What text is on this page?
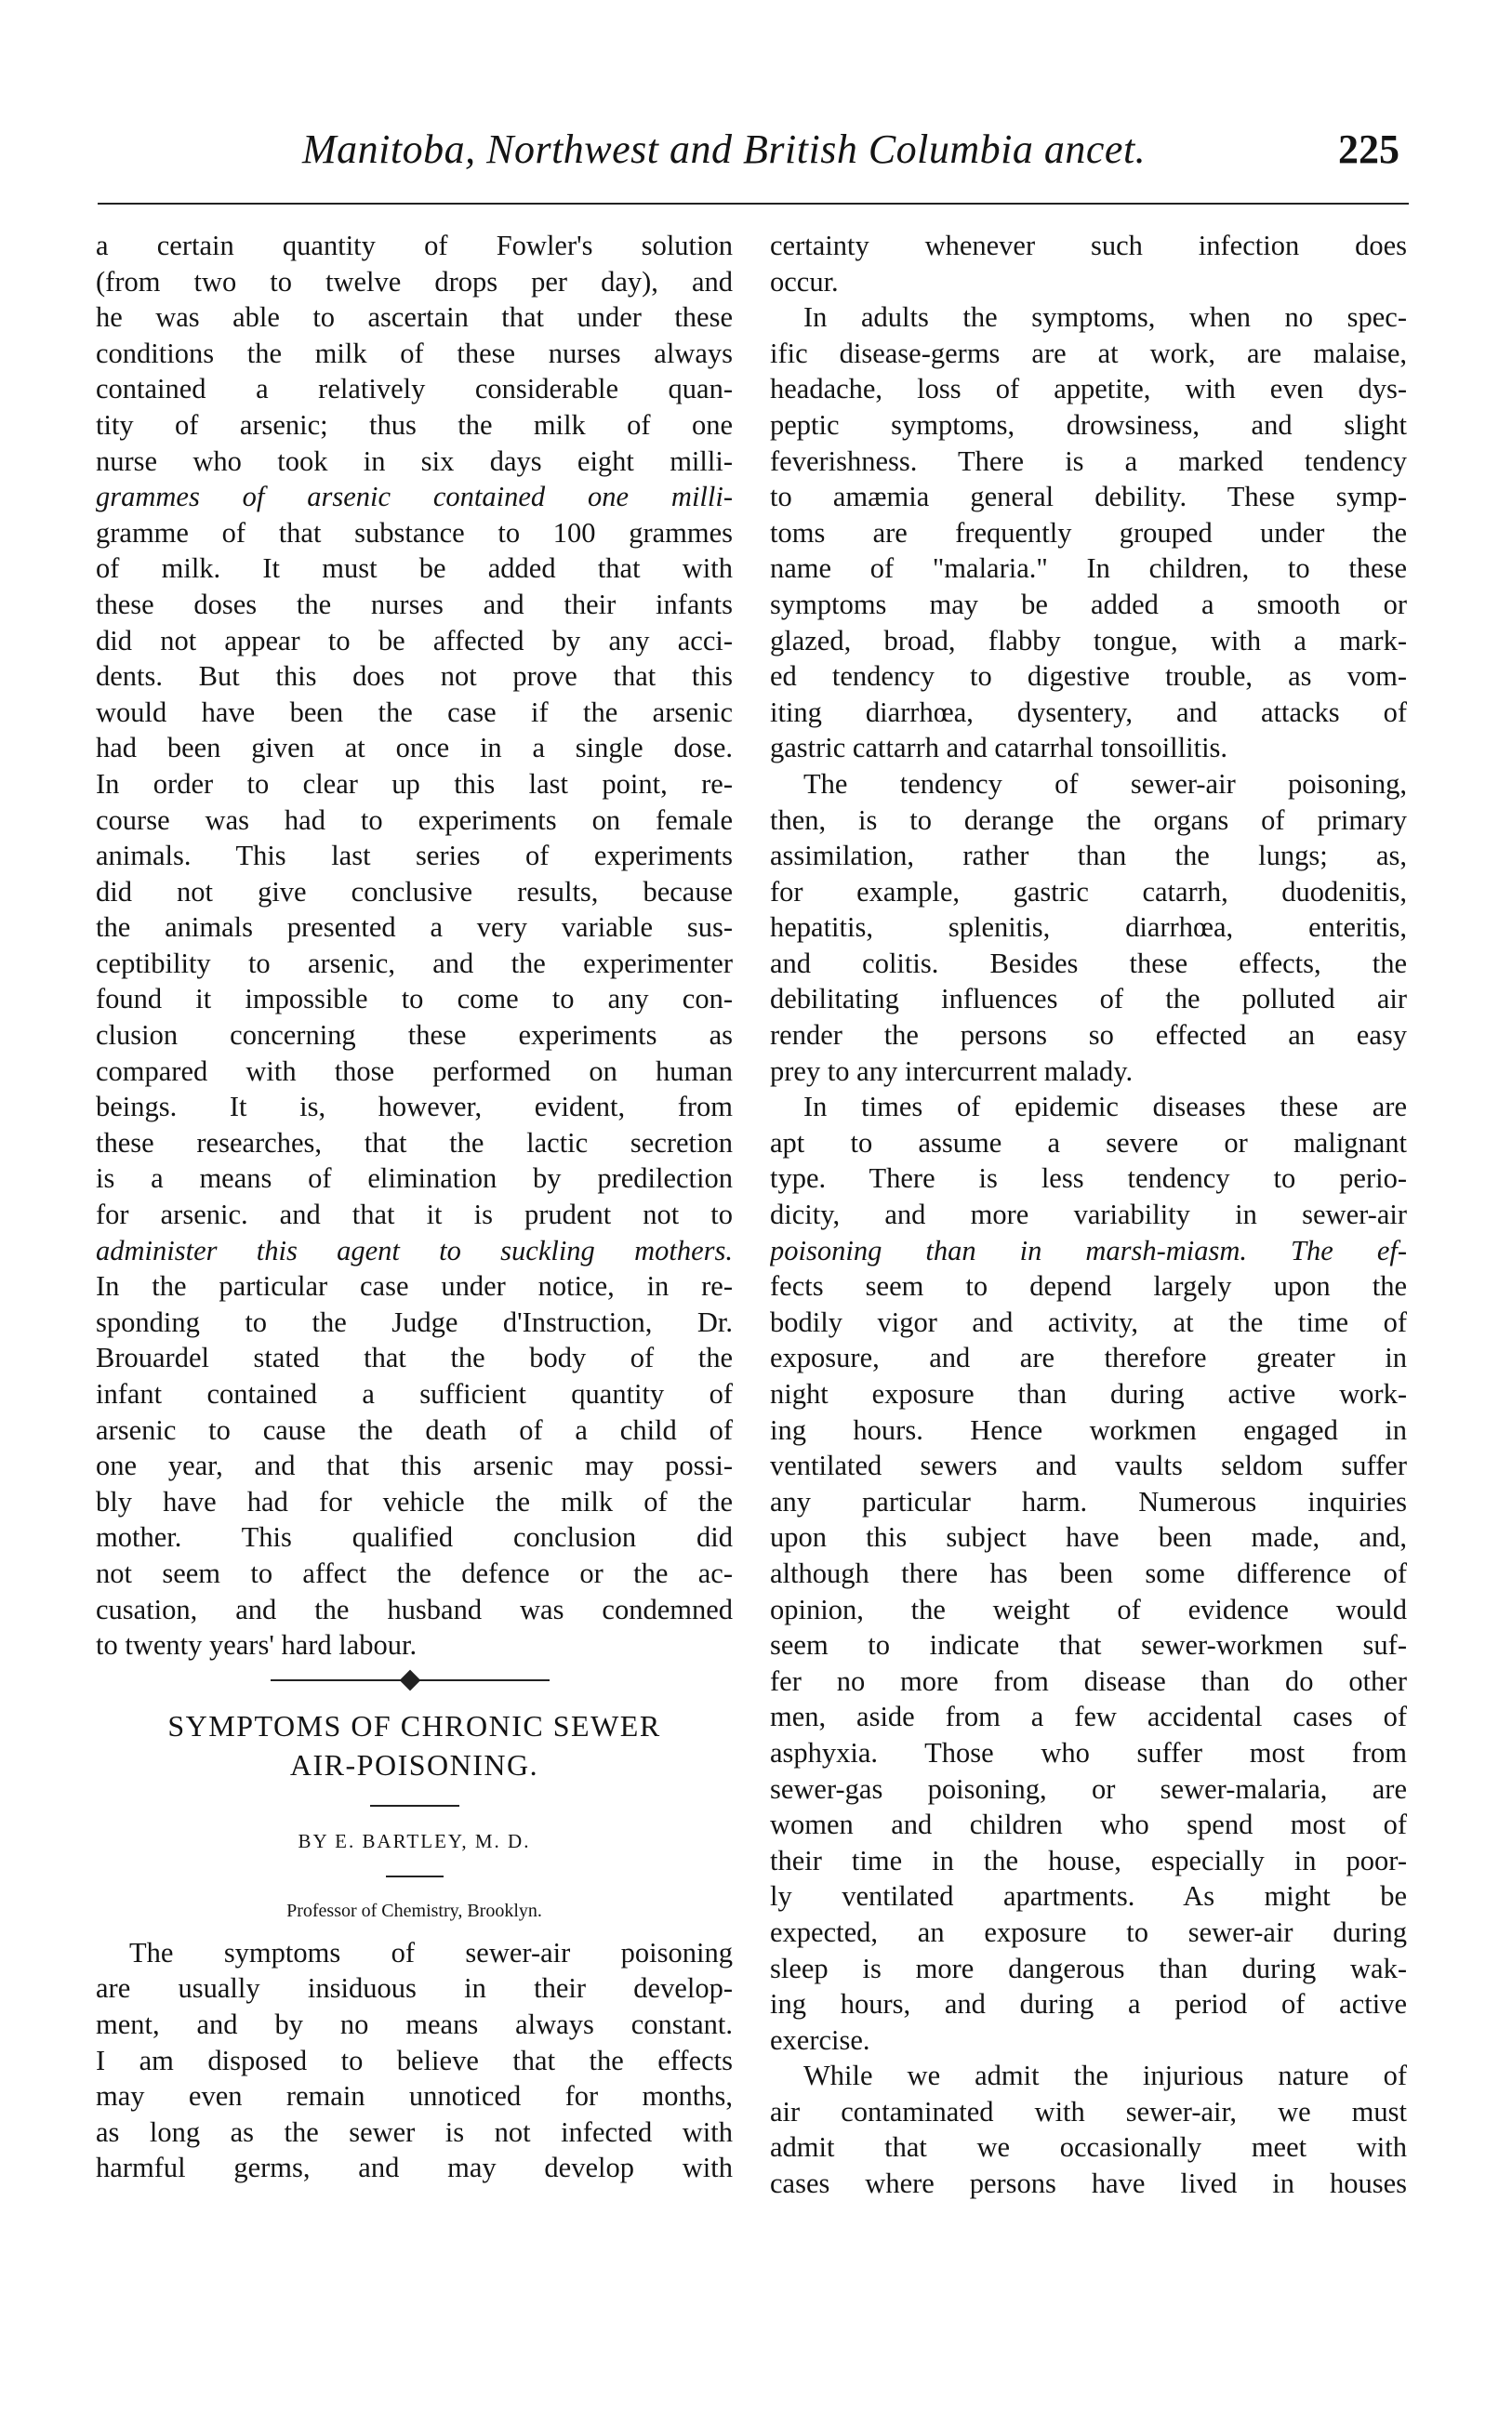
Manitoba, Northwest and British Columbia ancet.	225
a certain quantity of Fowler's solution
(from two to twelve drops per day), and
he was able to ascertain that under these
conditions the milk of these nurses always
contained a relatively considerable quan-
tity of arsenic; thus the milk of one
nurse who took in six days eight milli-
grammes of arsenic contained one milli-
gramme of that substance to 100 grammes
of milk. It must be added that with
these doses the nurses and their infants
did not appear to be affected by any acci-
dents. But this does not prove that this
would have been the case if the arsenic
had been given at once in a single dose.
In order to clear up this last point, re-
course was had to experiments on female
animals. This last series of experiments
did not give conclusive results, because
the animals presented a very variable sus-
ceptibility to arsenic, and the experimenter
found it impossible to come to any con-
clusion concerning these experiments as
compared with those performed on human
beings. It is, however, evident, from
these researches, that the lactic secretion
is a means of elimination by predilection
for arsenic. and that it is prudent not to
administer this agent to suckling mothers.
In the particular case under notice, in re-
sponding to the Judge d'Instruction, Dr.
Brouardel stated that the body of the
infant contained a sufficient quantity of
arsenic to cause the death of a child of
one year, and that this arsenic may possi-
bly have had for vehicle the milk of the
mother. This qualified conclusion did
not seem to affect the defence or the ac-
cusation, and the husband was condemned
to twenty years' hard labour.
SYMPTOMS OF CHRONIC SEWER
AIR-POISONING.
BY E. BARTLEY, M. D.
Professor of Chemistry, Brooklyn.
The symptoms of sewer-air poisoning
are usually insiduous in their develop-
ment, and by no means always constant.
I am disposed to believe that the effects
may even remain unnoticed for months,
as long as the sewer is not infected with
harmful germs, and may develop with
certainty whenever such infection does
occur.
In adults the symptoms, when no spec-
ific disease-germs are at work, are malaise,
headache, loss of appetite, with even dys-
peptic symptoms, drowsiness, and slight
feverishness. There is a marked tendency
to amæmia general debility. These symp-
toms are frequently grouped under the
name of "malaria." In children, to these
symptoms may be added a smooth or
glazed, broad, flabby tongue, with a mark-
ed tendency to digestive trouble, as vom-
iting diarrhœa, dysentery, and attacks of
gastric cattarrh and catarrhal tonsoillitis.
The tendency of sewer-air poisoning,
then, is to derange the organs of primary
assimilation, rather than the lungs; as,
for example, gastric catarrh, duodenitis,
hepatitis, splenitis, diarrhœa, enteritis,
and colitis. Besides these effects, the
debilitating influences of the polluted air
render the persons so effected an easy
prey to any intercurrent malady.
In times of epidemic diseases these are
apt to assume a severe or malignant
type. There is less tendency to perio-
dicity, and more variability in sewer-air
poisoning than in marsh-miasm. The ef-
fects seem to depend largely upon the
bodily vigor and activity, at the time of
exposure, and are therefore greater in
night exposure than during active work-
ing hours. Hence workmen engaged in
ventilated sewers and vaults seldom suffer
any particular harm. Numerous inquiries
upon this subject have been made, and,
although there has been some difference of
opinion, the weight of evidence would
seem to indicate that sewer-workmen suf-
fer no more from disease than do other
men, aside from a few accidental cases of
asphyxia. Those who suffer most from
sewer-gas poisoning, or sewer-malaria, are
women and children who spend most of
their time in the house, especially in poor-
ly ventilated apartments. As might be
expected, an exposure to sewer-air during
sleep is more dangerous than during wak-
ing hours, and during a period of active
exercise.
While we admit the injurious nature of
air contaminated with sewer-air, we must
admit that we occasionally meet with
cases where persons have lived in houses
